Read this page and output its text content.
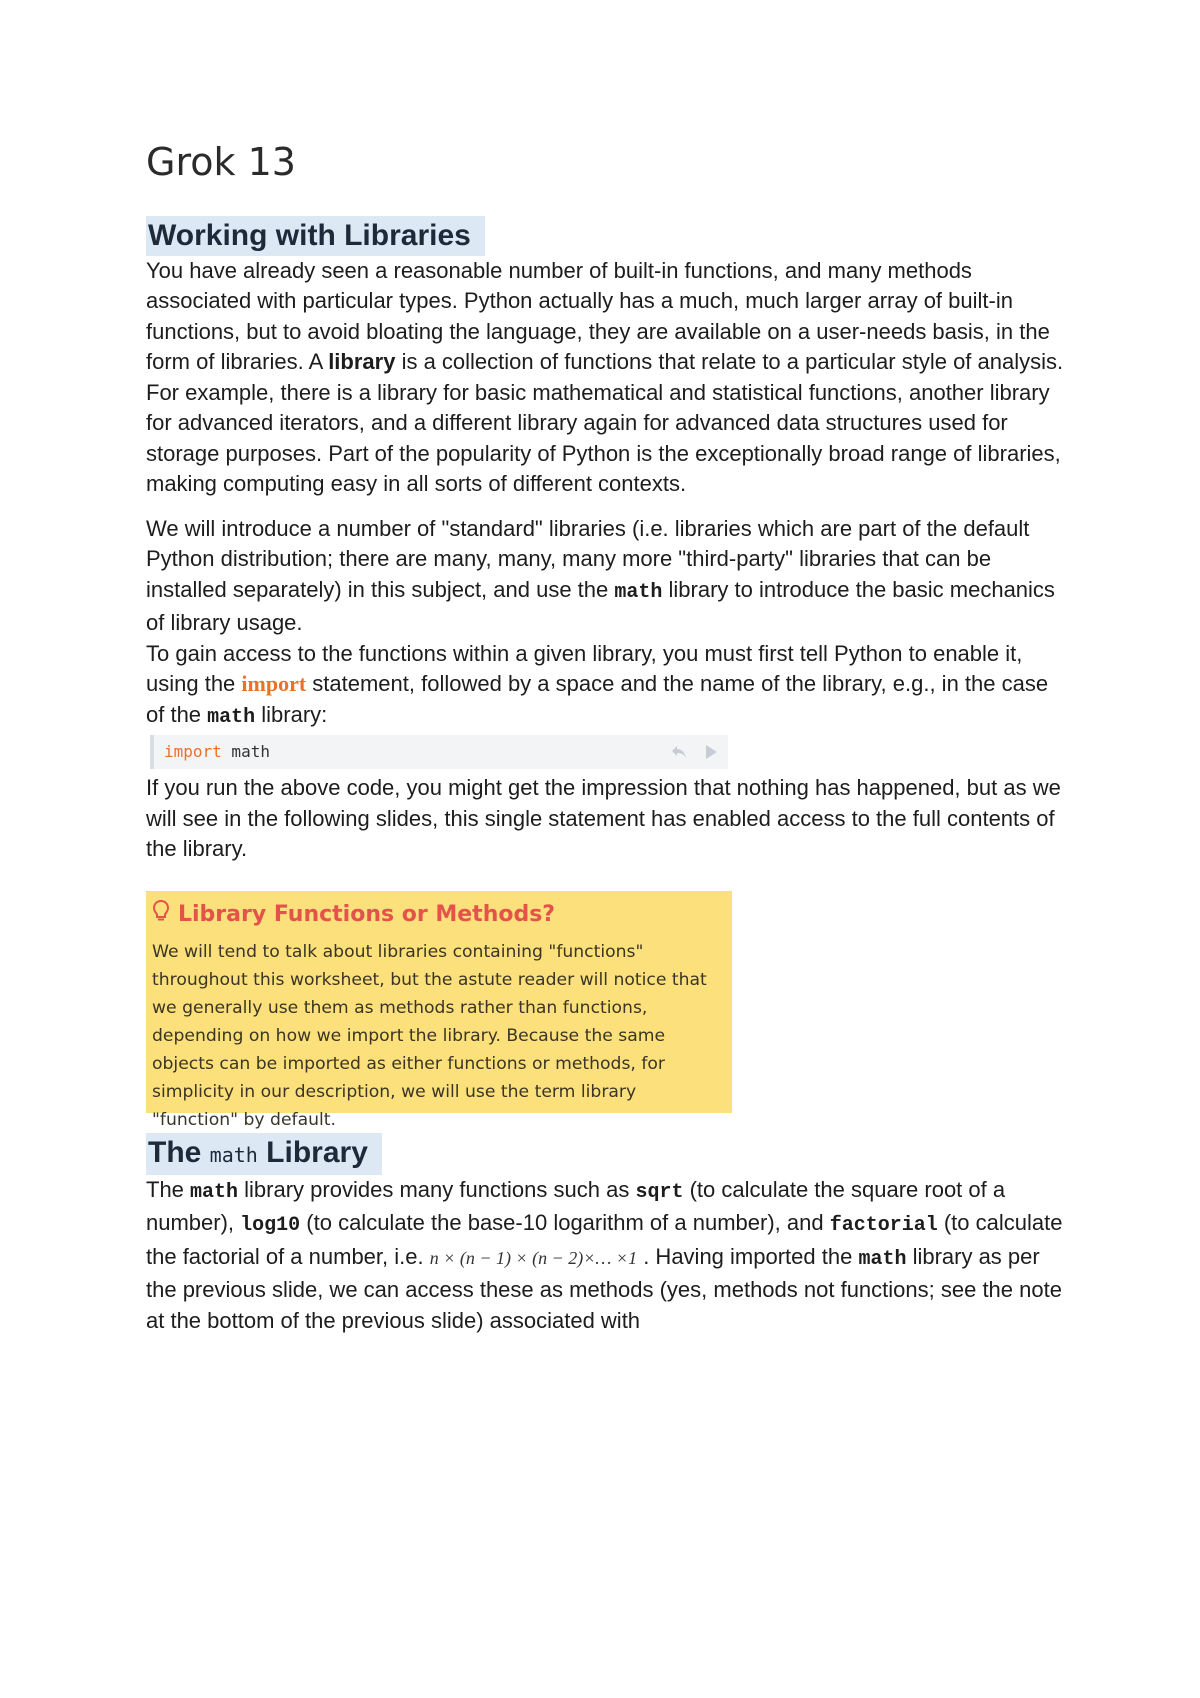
Grok 13
Working with Libraries

You have already seen a reasonable number of built-in functions, and many methods associated with particular types. Python actually has a much, much larger array of built-in functions, but to avoid bloating the language, they are available on a user-needs basis, in the form of libraries. A library is a collection of functions that relate to a particular style of analysis. For example, there is a library for basic mathematical and statistical functions, another library for advanced iterators, and a different library again for advanced data structures used for storage purposes. Part of the popularity of Python is the exceptionally broad range of libraries, making computing easy in all sorts of different contexts.

We will introduce a number of "standard" libraries (i.e. libraries which are part of the default Python distribution; there are many, many, many more "third-party" libraries that can be installed separately) in this subject, and use the math library to introduce the basic mechanics of library usage.

To gain access to the functions within a given library, you must first tell Python to enable it, using the import statement, followed by a space and the name of the library, e.g., in the case of the math library:

import math

If you run the above code, you might get the impression that nothing has happened, but as we will see in the following slides, this single statement has enabled access to the full contents of the library.

Library Functions or Methods?
We will tend to talk about libraries containing "functions" throughout this worksheet, but the astute reader will notice that we generally use them as methods rather than functions, depending on how we import the library. Because the same objects can be imported as either functions or methods, for simplicity in our description, we will use the term library "function" by default.
The math Library

The math library provides many functions such as sqrt (to calculate the square root of a number), log10 (to calculate the base-10 logarithm of a number), and factorial (to calculate the factorial of a number, i.e. n × (n − 1) × (n − 2)×… ×1 . Having imported the math library as per the previous slide, we can access these as methods (yes, methods not functions; see the note at the bottom of the previous slide) associated with
